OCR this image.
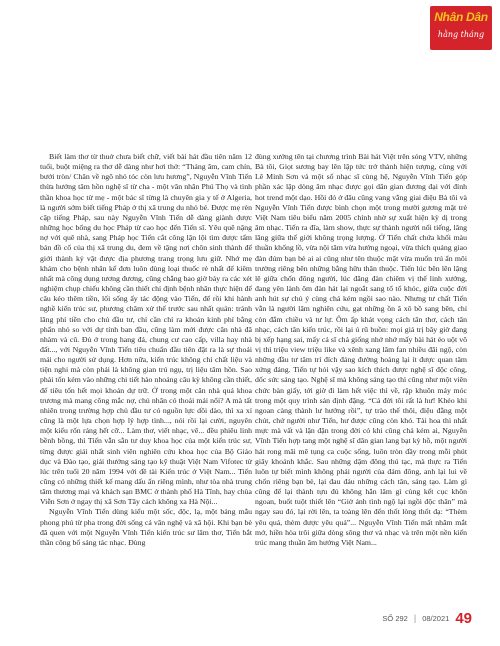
Nhân Dân
hằng tháng

Biết làm thơ từ thuở chưa biết chữ, viết bài hát đầu tiên năm 12 tuổi, buột miệng ra thơ dễ dàng như hơi thở: “Tháng ăm, cam chín, bưởi tròn/ Chân về ngõ nhỏ tóc còn lưu hương”, Nguyễn Vĩnh Tiến thừa hưởng tâm hồn nghệ sĩ từ cha - một văn nhân Phú Thọ và tình thần khoa học từ mẹ - một bác sĩ từng là chuyên gia y tế ở Algeria, là người sớm biết tiếng Pháp ở thị xã trung du nhỏ bé. Được mẹ rèn cặp tiếng Pháp, sau này Nguyễn Vĩnh Tiến dễ dàng giành được những học bổng du học Pháp từ cao học đến Tiến sĩ. Yêu quê nặng nợ với quê nhà, sang Pháp học Tiến cắt công lận lội tìm được tấm bản đồ cổ của thị xã trung du, đem về tặng nơi chôn sinh thành để giới thành kỷ vật được địa phương trang trọng lưu giữ. Nhớ mẹ khám cho bệnh nhân kể đơn luôn dùng loại thuốc rẻ nhất để kiêm nhất mà công dụng tương đương, cũng chẳng bao giờ bảy ra các xét nghiệm chụp chiếu không cần thiết chỉ định bệnh nhân thực hiện để câu kéo thêm tiền, lối sống ấy tác động vào Tiến, để rồi khi hành nghề kiến trúc sư, phương châm xử thế trước sau nhất quán: tránh lãng phí tiền cho chủ đầu tư, chỉ cần chỉ ra khoản kinh phí bằng phẩn nhỏ so với dự tính ban đầu, cũng làm mới được căn nhà đã nhàm và cũ. Đủ ở trong hang đá, chung cư cao cấp, villa hay nhà đất..., với Nguyễn Vĩnh Tiến tiêu chuẩn đầu tiên đặt ra là sự thoải mái cho người sử dụng. Hơn nữa, kiến trúc không chỉ chất liệu và tiện nghi mà còn phải là không gian trú ngụ, trị liệu tâm hồn. Sao phải tốn kém vào những chi tiết hào nhoáng câu kỳ không cần thiết, để tiêu tốn hết mọi khoản dự trữ. Ở trong một căn nhà quá khoa trương mà mang công mắc nợ, chủ nhân có thoải mái nổi? A mà tất nhiên trong trường hợp chủ đầu tư có nguồn lực dồi dào, thì xa xỉ cũng là một lựa chọn hợp lý hợp tình..., nói rồi lại cười, nguyên một kiểu rốn ráng hết cỡ... Làm thơ, viết nhạc, vẽ... đều phiêu linh bềnh bồng, thì Tiến vẫn sẵn tư duy khoa học của một kiến trúc sư, từng được giải nhất sinh viên nghiên cứu khoa học của Bộ Giáo dục và Đào tạo, giải thưởng sáng tạo kỹ thuật Việt Nam Vifotec từ lúc trên tuổi 20 năm 1994 với đề tài Kiến trúc ở Việt Nam... Tiến cũng có những thiết kế mang dấu ấn riêng mình, như tòa nhà trung tâm thương mại và khách sạn BMC ở thành phố Hà Tĩnh, hay chùa Viễn Sơn ở ngay thị xã Sơn Tây cách không xa Hà Nội...

Nguyễn Vĩnh Tiến dùng kiểu một sốc, độc, lạ, một bảng mẫu phong phú từ pha trong đời sống cả văn nghệ và xã hội. Khi bạn bè đã quen với một Nguyễn Vĩnh Tiến kiến trúc sư lãm thơ, Tiến bắt thần công bố sáng tác nhạc. Đùng

đùng xướng tên tại chương trình Bài hát Việt trên sóng VTV, những Bà tôi, Giọt sương bay lên lập tức trở thành hiện tượng, cùng với Lê Minh Sơn và một số nhạc sĩ cùng hệ, Nguyễn Vĩnh Tiến góp phần xác lập dòng âm nhạc được gọi dân gian đương đại với đỉnh hot trend một dạo. Hồi đó ở đâu cũng vang vẳng giai điệu Bà tôi và Nguyễn Vĩnh Tiến được bình chọn một trong mười gương mặt trẻ Việt Nam tiêu biểu năm 2005 chính nhờ sự xuất hiện kỳ dị trong âm nhạc. Tiến ra đĩa, làm show, thực sự thành người nổi tiếng, lãng lãng giữa thế giới không trọng lượng. Ở Tiến chất chứa khối màu thuần khống lồ, vừa nội tâm vừa hướng ngoại, vừa thích quảng giao đàn đúm bạn bè ai ai cũng như tên thuộc mặt vừa muốn trú ẩn môi trường riêng bên những bằng hữu thân thuộc. Tiến lúc bên lên lặng lẽ giữa chốn đông người, lúc đăng đàn chiêm vị thế linh xướng, đang yên lành ôm đàn hát lại ngoắt sang tổ tổ khóc, giữa cuộc đời anh hút sự chủ ý cùng chả kém ngồi sao nào. Nhưng tư chất Tiến vẫn là người lãm nghiên cứu, gạt những ồn ã xô bồ sang bên, chỉ còn đắm chiều và tư lự. Ôm ấp khát vọng cách tân thơ, cách tân nhạc, cách tân kiến trúc, rồi lại ú rũ buồn: mọi giá trị bây giờ đang bị xếp hạng sai, mấy cả sĩ chả giống nhớ nhớ mấy bài hát éo uột vô vị thì triệu view triệu like và xênh xang lâm fan nhiều đãi ngộ, còn những đầu tư tâm trí đích đáng đường hoàng lại ít được quan tâm xứng đáng. Tiến tự hỏi vậy sao kích thích được nghệ sĩ độc công, dốc sức sáng tạo. Nghệ sĩ mà không sáng tạo thì cũng như một viên chức bàn giấy, tới giờ đi làm hết việc thì về, rập khuôn máy móc trong một quy trình sản định đặng. “Cả đời tôi rất là hư! Khéo khi ngoan càng thành lư hướng rồi”, tự trào thế thôi, điệu đằng một chút, chứ người như Tiến, hư được cũng còn khó. Tài hoa thì nhất mực mà vất và lặn đặn trong đời có khi cũng chả kém ai, Nguyễn Vĩnh Tiến hợp tang một nghệ sĩ dân gian lang bạt kỳ hồ, một người hát rong mãi mê tụng ca cuộc sống, luôn tròn đầy trong mỗi phút giây khoảnh khắc. Sau những dặm đông thú tạc, mà thực ra Tiến luôn tự biết mình không phải người của đám đông, anh lại lui về chốn riêng bạn bè, lại đau đáu những cách tân, sáng tạo. Làm gì cũng để lại thành tựu đủ không hẳn lâm gì cùng kết cục khôn ngoan, buốt tuột thiết lên “Giờ ánh tình ngộ lại ngồi độc thân” mà ngay sau đó, lại rời lên, ta toàng lên đến thốt lòng thốt đạ: “Thèm yêu quá, thèm được yêu quá”... Nguyễn Vĩnh Tiến mất nhăm mắt mở, hiền hòa trôi giữa dòng sông thơ và nhạc và trên một nền kiến trúc mang thuần ăm hướng Việt Nam...

SỐ 292 | 08/2021 49
